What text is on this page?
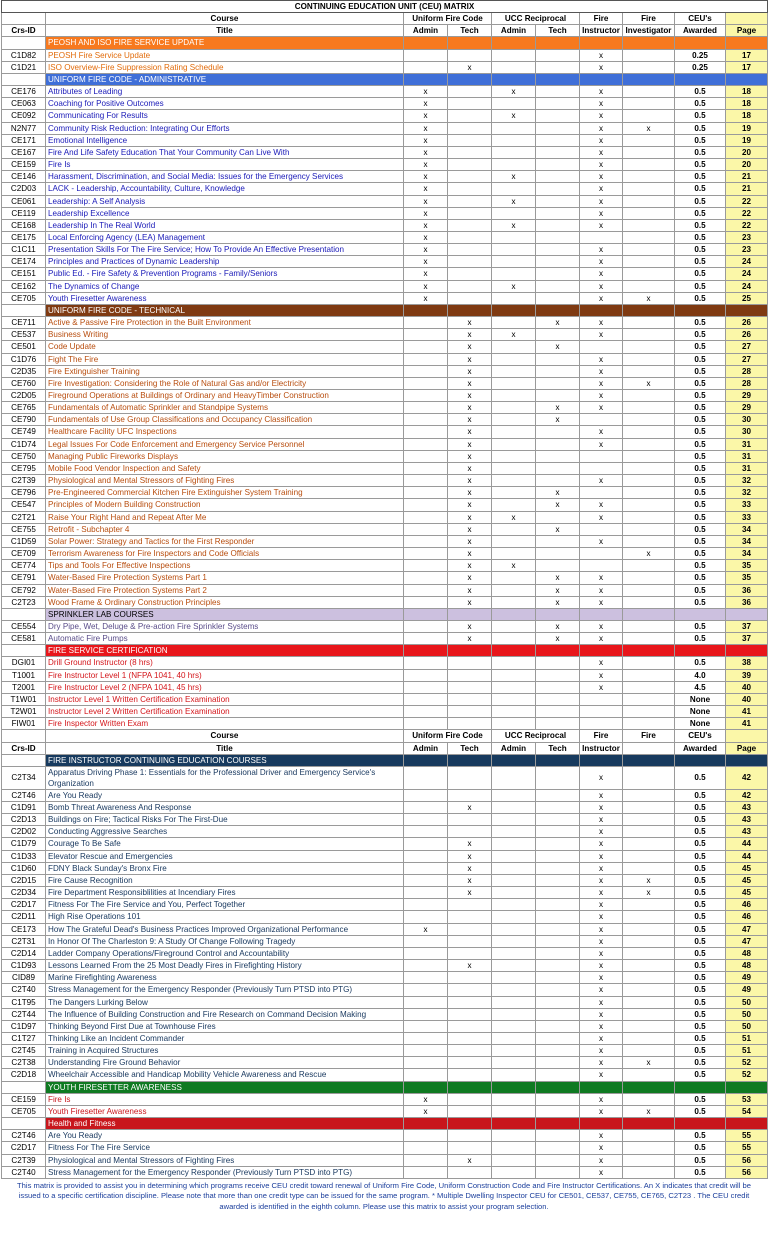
CONTINUING EDUCATION UNIT (CEU) MATRIX									
	Course	Uniform Fire Code		UCC Reciprocal		Fire	Fire	CEU's	
Crs-ID	Title	Admin	Tech	Admin	Tech	Instructor	Investigator	Awarded	Page
	PEOSH AND ISO FIRE SERVICE UPDATE								
C1D82	PEOSH Fire Service Update					x		0.25	17
C1D21	ISO Overview-Fire Suppression Rating Schedule		x			x		0.25	17
	UNIFORM FIRE CODE - ADMINISTRATIVE								
CE176	Attributes of Leading	x		x		x		0.5	18
CE063	Coaching for Positive Outcomes	x				x		0.5	18
CE092	Communicating For Results	x		x		x		0.5	18
N2N77	Community Risk Reduction: Integrating Our Efforts	x				x	x	0.5	19
CE171	Emotional Intelligence	x				x		0.5	19
CE167	Fire And Life Safety Education That Your Community Can Live With	x				x		0.5	20
CE159	Fire Is	x				x		0.5	20
CE146	Harassment, Discrimination, and Social Media: Issues for the Emergency Services	x		x		x		0.5	21
C2D03	LACK - Leadership, Accountability, Culture, Knowledge	x				x		0.5	21
CE061	Leadership: A Self Analysis	x		x		x		0.5	22
CE119	Leadership Excellence	x				x		0.5	22
CE168	Leadership In The Real World	x		x		x		0.5	22
CE175	Local Enforcing Agency (LEA) Management	x						0.5	23
C1C11	Presentation Skills For The Fire Service; How To Provide An Effective Presentation	x				x		0.5	23
CE174	Principles and Practices of Dynamic Leadership	x				x		0.5	24
CE151	Public Ed. - Fire Safety & Prevention Programs - Family/Seniors	x				x		0.5	24
CE162	The Dynamics of Change	x		x		x		0.5	24
CE705	Youth Firesetter Awareness	x				x	x	0.5	25
	UNIFORM FIRE CODE - TECHNICAL								
CE711	Active & Passive Fire Protection in the Built Environment		x		x	x		0.5	26
CE537	Business Writing		x	x		x		0.5	26
CE501	Code Update		x		x			0.5	27
C1D76	Fight The Fire		x			x		0.5	27
C2D35	Fire Extinguisher Training		x			x		0.5	28
CE760	Fire Investigation: Considering the Role of Natural Gas and/or Electricity		x			x	x	0.5	28
C2D05	Fireground Operations at Buildings of Ordinary and HeavyTimber Construction		x			x		0.5	29
CE765	Fundamentals of Automatic Sprinkler and Standpipe Systems		x		x	x		0.5	29
CE790	Fundamentals of Use Group Classifications and Occupancy Classification		x		x			0.5	30
CE749	Healthcare Facility UFC Inspections		x			x		0.5	30
C1D74	Legal Issues For Code Enforcement and Emergency Service Personnel		x			x		0.5	31
CE750	Managing Public Fireworks Displays		x					0.5	31
CE795	Mobile Food Vendor Inspection and Safety		x					0.5	31
C2T39	Physiological and Mental Stressors of Fighting Fires		x			x		0.5	32
CE796	Pre-Engineered Commercial Kitchen Fire Extinguisher System Training		x		x			0.5	32
CE547	Principles of Modern Building Construction		x		x	x		0.5	33
C2T21	Raise Your Right Hand and Repeat After Me		x	x		x		0.5	33
CE755	Retrofit - Subchapter 4		x		x			0.5	34
C1D59	Solar Power: Strategy and Tactics for the First Responder		x			x		0.5	34
CE709	Terrorism Awareness for Fire Inspectors and Code Officials		x				x	0.5	34
CE774	Tips and Tools For Effective Inspections		x	x				0.5	35
CE791	Water-Based Fire Protection Systems Part 1		x		x	x		0.5	35
CE792	Water-Based Fire Protection Systems Part 2		x		x	x		0.5	36
C2T23	Wood Frame & Ordinary Construction Principles		x		x	x		0.5	36
	SPRINKLER LAB COURSES								
CE554	Dry Pipe, Wet, Deluge & Pre-action Fire Sprinkler Systems		x		x	x		0.5	37
CE581	Automatic Fire Pumps		x		x	x		0.5	37
	FIRE SERVICE CERTIFICATION								
DGI01	Drill Ground Instructor (8 hrs)					x		0.5	38
T1001	Fire Instructor Level 1 (NFPA 1041, 40 hrs)					x		4.0	39
T2001	Fire Instructor Level 2 (NFPA 1041, 45 hrs)					x		4.5	40
T1W01	Instructor Level 1 Written Certification Examination							None	40
T2W01	Instructor Level 2 Written Certification Examination							None	41
FIW01	Fire Inspector Written Exam							None	41
	Course	Uniform Fire Code		UCC Reciprocal		Fire	Fire	CEU's	
Crs-ID	Title	Admin	Tech	Admin	Tech	Instructor		Awarded	Page
	FIRE INSTRUCTOR CONTINUING EDUCATION COURSES								
C2T34	Apparatus Driving Phase 1: Essentials for the Professional Driver and Emergency Service's Organization					x		0.5	42
C2T46	Are You Ready					x		0.5	42
C1D91	Bomb Threat Awareness And Response		x			x		0.5	43
C2D13	Buildings on Fire; Tactical Risks For The First-Due					x		0.5	43
C2D02	Conducting Aggressive Searches					x		0.5	43
C1D79	Courage To Be Safe		x			x		0.5	44
C1D33	Elevator Rescue and Emergencies		x			x		0.5	44
C1D60	FDNY Black Sunday's Bronx Fire		x			x		0.5	45
C2D15	Fire Cause Recognition		x			x	x	0.5	45
C2D34	Fire Department Responsiblilities at Incendiary Fires		x			x	x	0.5	45
C2D17	Fitness For The Fire Service and You, Perfect Together					x		0.5	46
C2D11	High Rise Operations 101					x		0.5	46
CE173	How The Grateful Dead's Business Practices Improved Organizational Performance	x				x		0.5	47
C2T31	In Honor Of The Charleston 9: A Study Of Change Following Tragedy					x		0.5	47
C2D14	Ladder Company Operations/Fireground Control and Accountability					x		0.5	48
C1D93	Lessons Learned From the 25 Most Deadly Fires in Firefighting History		x			x		0.5	48
CID89	Marine Firefighting Awareness					x		0.5	49
C2T40	Stress Management for the Emergency Responder (Previously Turn PTSD into PTG)					x		0.5	49
C1T95	The Dangers Lurking Below					x		0.5	50
C2T44	The Influence of Building Construction and Fire Research on Command Decision Making					x		0.5	50
C1D97	Thinking Beyond First Due at Townhouse Fires					x		0.5	50
C1T27	Thinking Like an Incident Commander					x		0.5	51
C2T45	Training in Acquired Structures					x		0.5	51
C2T38	Understanding Fire Ground Behavior					x	x	0.5	52
C2D18	Wheelchair Accessible and Handicap Mobility Vehicle Awareness and Rescue					x		0.5	52
	YOUTH FIRESETTER AWARENESS								
CE159	Fire Is	x				x		0.5	53
CE705	Youth Firesetter Awareness	x				x	x	0.5	54
	Health and Fitness								
C2T46	Are You Ready					x		0.5	55
C2D17	Fitness For The Fire Service					x		0.5	55
C2T39	Physiological and Mental Stressors of Fighting Fires		x			x		0.5	56
C2T40	Stress Management for the Emergency Responder (Previously Turn PTSD into PTG)					x		0.5	56
This matrix is provided to assist you in determining which programs receive CEU credit toward renewal of Uniform Fire Code, Uniform Construction Code and Fire Instructor Certifications. An X indicates that credit will be issued to a specific certification discipline. Please note that more than one credit type can be issued for the same program. * Multiple Dwelling Inspector CEU for CE501, CE537, CE755, CE765, C2T23 . The CEU credit awarded is identified in the eighth column. Please use this matrix to assist your program selection.
